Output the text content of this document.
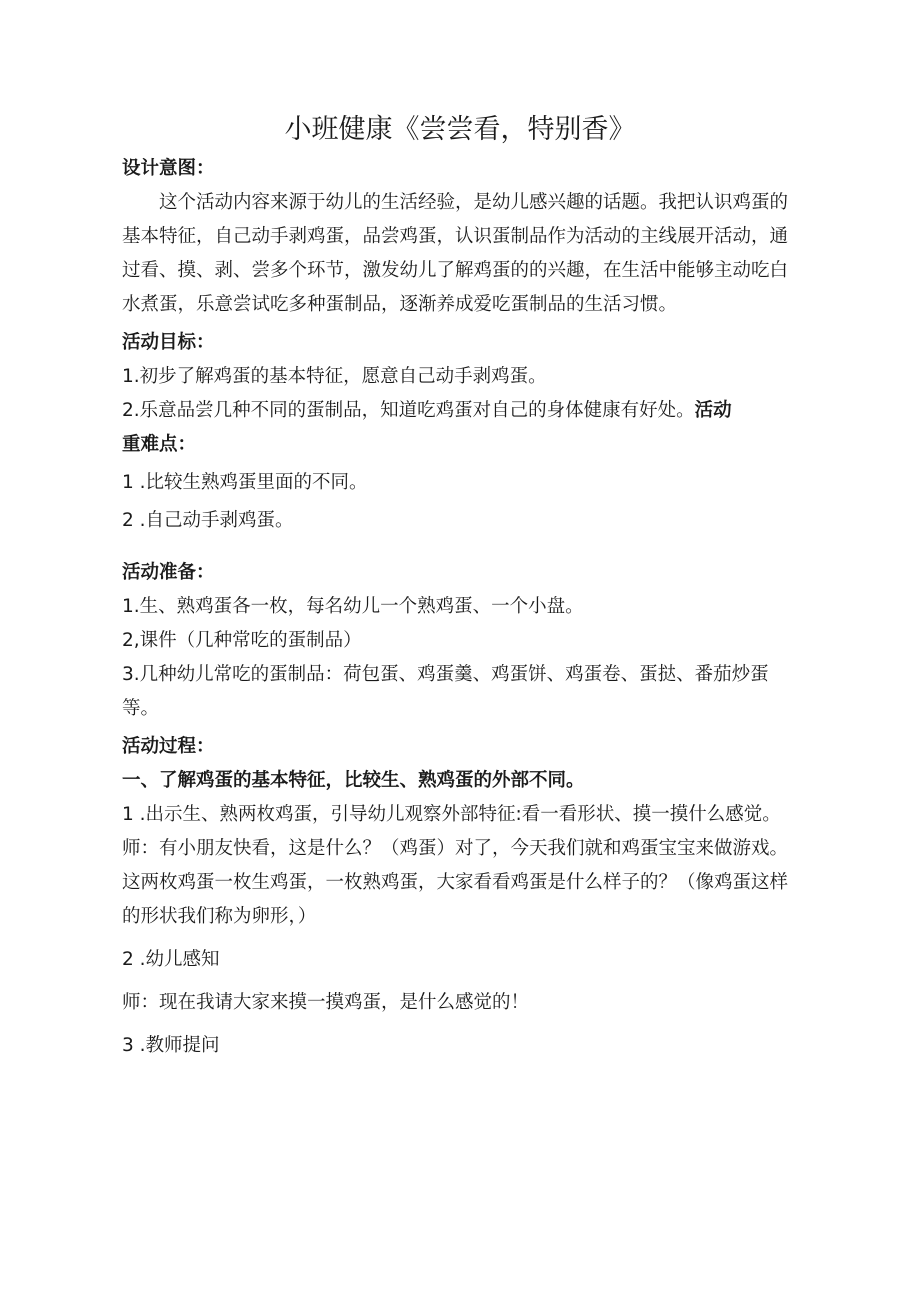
小班健康《尝尝看，特别香》

设计意图：

这个活动内容来源于幼儿的生活经验，是幼儿感兴趣的话题。我把认识鸡蛋的基本特征，自己动手剥鸡蛋，品尝鸡蛋，认识蛋制品作为活动的主线展开活动，通过看、摸、剥、尝多个环节，激发幼儿了解鸡蛋的的兴趣，在生活中能够主动吃白水煮蛋，乐意尝试吃多种蛋制品，逐渐养成爱吃蛋制品的生活习惯。

活动目标：

1.初步了解鸡蛋的基本特征，愿意自己动手剥鸡蛋。

2.乐意品尝几种不同的蛋制品，知道吃鸡蛋对自己的身体健康有好处。活动

重难点：

1 .比较生熟鸡蛋里面的不同。

2 .自己动手剥鸡蛋。

活动准备：

1.生、熟鸡蛋各一枚，每名幼儿一个熟鸡蛋、一个小盘。

2,课件（几种常吃的蛋制品）

3.几种幼儿常吃的蛋制品：荷包蛋、鸡蛋羹、鸡蛋饼、鸡蛋卷、蛋挞、番茄炒蛋等。

活动过程：

一、了解鸡蛋的基本特征，比较生、熟鸡蛋的外部不同。

1 .出示生、熟两枚鸡蛋，引导幼儿观察外部特征:看一看形状、摸一摸什么感觉。

师：有小朋友快看，这是什么？（鸡蛋）对了，今天我们就和鸡蛋宝宝来做游戏。

这两枚鸡蛋一枚生鸡蛋，一枚熟鸡蛋，大家看看鸡蛋是什么样子的？（像鸡蛋这样的形状我们称为卵形，）

2 .幼儿感知

师：现在我请大家来摸一摸鸡蛋，是什么感觉的！

3 .教师提问
